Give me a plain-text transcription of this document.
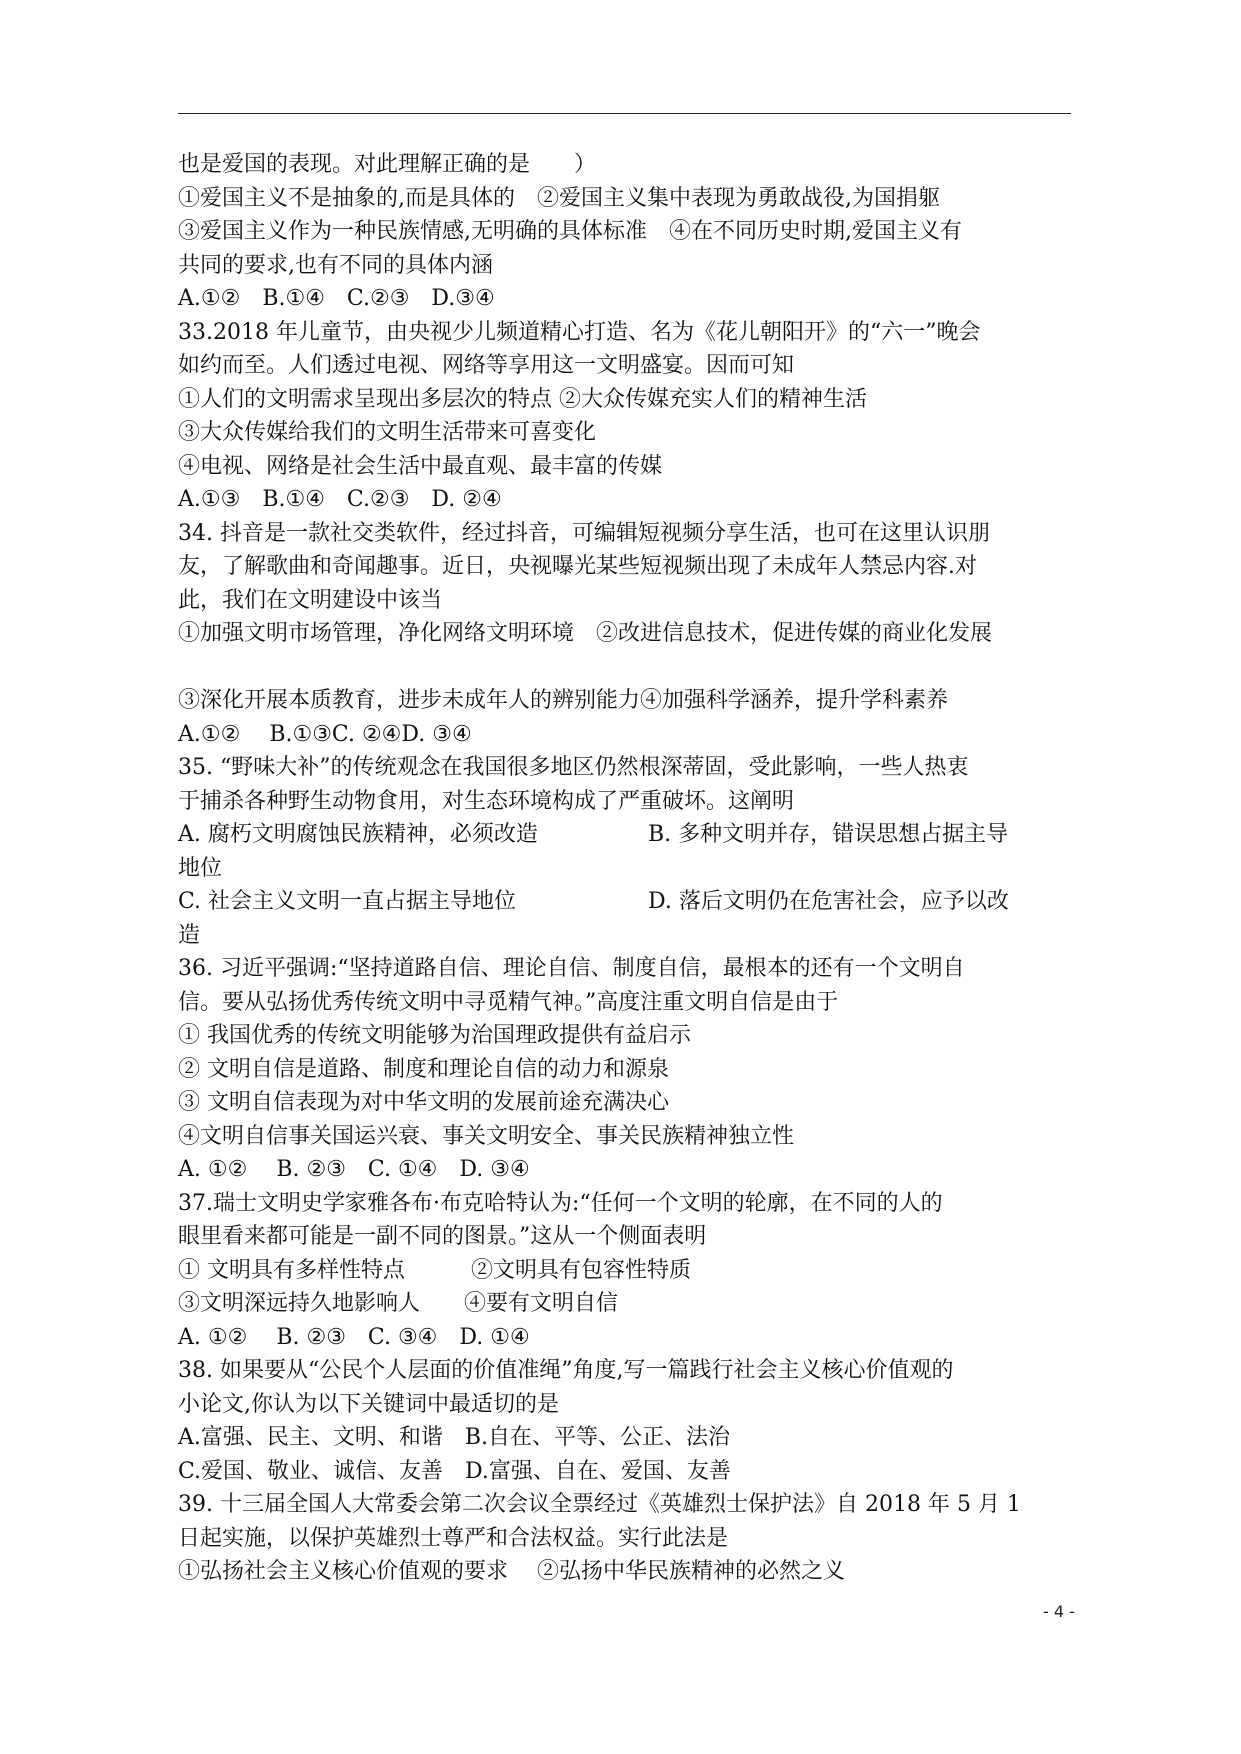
也是爱国的表现。对此理解正确的是　　）
①爱国主义不是抽象的,而是具体的　②爱国主义集中表现为勇敢战役,为国捐躯
③爱国主义作为一种民族情感,无明确的具体标准　④在不同历史时期,爱国主义有
共同的要求,也有不同的具体内涵
A.①②　B.①④　C.②③　D.③④
33.2018 年儿童节，由央视少儿频道精心打造、名为《花儿朝阳开》的“六一”晚会
如约而至。人们透过电视、网络等享用这一文明盛宴。因而可知
①人们的文明需求呈现出多层次的特点 ②大众传媒充实人们的精神生活
③大众传媒给我们的文明生活带来可喜变化
④电视、网络是社会生活中最直观、最丰富的传媒
A.①③　B.①④　C.②③　D. ②④
34. 抖音是一款社交类软件，经过抖音，可编辑短视频分享生活，也可在这里认识朋
友，了解歌曲和奇闻趣事。近日，央视曝光某些短视频出现了未成年人禁忌内容.对
此，我们在文明建设中该当
①加强文明市场管理，净化网络文明环境　②改进信息技术，促进传媒的商业化发展
③深化开展本质教育，进步未成年人的辨别能力④加强科学涵养，提升学科素养
A.①②　 B.①③C. ②④D. ③④
35. “野味大补”的传统观念在我国很多地区仍然根深蒂固，受此影响，一些人热衷
于捕杀各种野生动物食用，对生态环境构成了严重破坏。这阐明
A. 腐朽文明腐蚀民族精神，必须改造	B. 多种文明并存，错误思想占据主导
地位
C. 社会主义文明一直占据主导地位	D. 落后文明仍在危害社会，应予以改
造
36. 习近平强调:“坚持道路自信、理论自信、制度自信，最根本的还有一个文明自
信。要从弘扬优秀传统文明中寻觅精气神。”高度注重文明自信是由于
① 我国优秀的传统文明能够为治国理政提供有益启示
② 文明自信是道路、制度和理论自信的动力和源泉
③ 文明自信表现为对中华文明的发展前途充满决心
④文明自信事关国运兴衰、事关文明安全、事关民族精神独立性
A. ①②　 B. ②③　C. ①④　D. ③④
37.瑞士文明史学家雅各布·布克哈特认为:“任何一个文明的轮廓，在不同的人的
眼里看来都可能是一副不同的图景。”这从一个侧面表明
① 文明具有多样性特点　　　②文明具有包容性特质
③文明深远持久地影响人　　④要有文明自信
A. ①②　 B. ②③　C. ③④　D. ①④
38. 如果要从“公民个人层面的价值准绳”角度,写一篇践行社会主义核心价值观的
小论文,你认为以下关键词中最适切的是
A.富强、民主、文明、和谐　B.自在、平等、公正、法治
C.爱国、敬业、诚信、友善　D.富强、自在、爱国、友善
39. 十三届全国人大常委会第二次会议全票经过《英雄烈士保护法》自 2018 年 5 月 1
日起实施，以保护英雄烈士尊严和合法权益。实行此法是
①弘扬社会主义核心价值观的要求　 ②弘扬中华民族精神的必然之义
- 4 -
